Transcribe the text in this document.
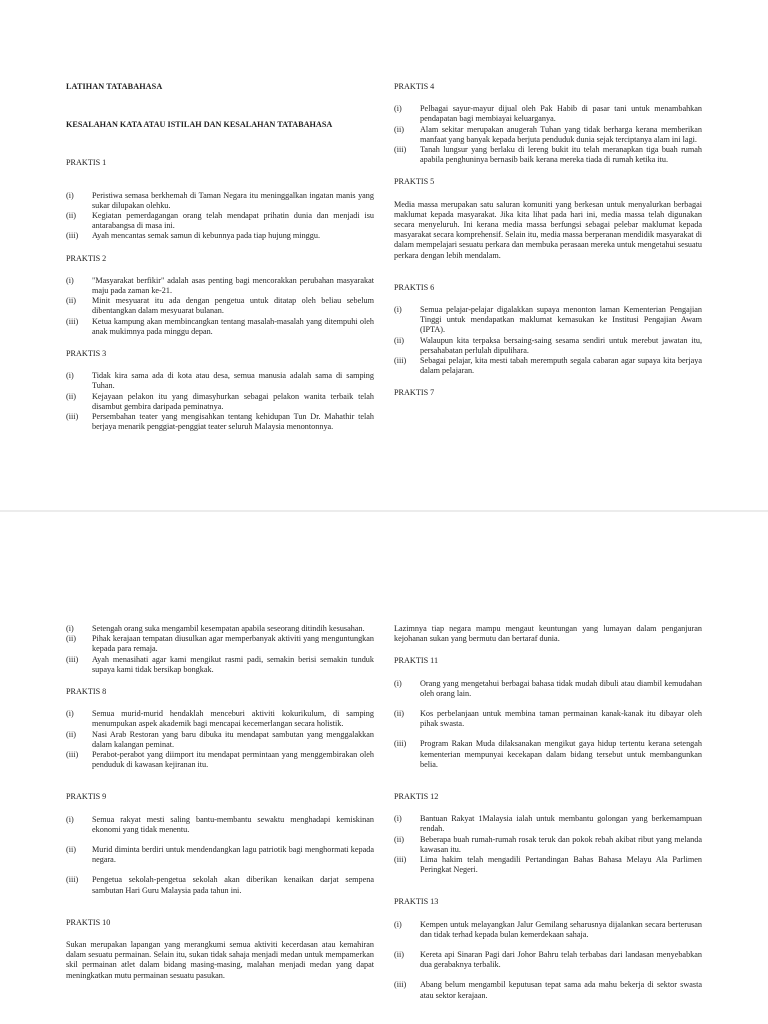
LATIHAN TATABAHASA
KESALAHAN KATA ATAU ISTILAH DAN KESALAHAN TATABAHASA
PRAKTIS 1
(i)	Peristiwa semasa berkhemah di Taman Negara itu meninggalkan ingatan manis yang sukar dilupakan olehku.
(ii)	Kegiatan pemerdagangan orang telah mendapat prihatin dunia dan menjadi isu antarabangsa di masa ini.
(iii)	Ayah mencantas semak samun di kebunnya pada tiap hujung minggu.
PRAKTIS 2
(i)	"Masyarakat berfikir" adalah asas penting bagi mencorakkan perubahan masyarakat maju pada zaman ke-21.
(ii)	Minit mesyuarat itu ada dengan pengetua untuk ditatap oleh beliau sebelum dibentangkan dalam mesyuarat bulanan.
(iii)	Ketua kampung akan membincangkan tentang masalah-masalah yang ditempuhi oleh anak mukimnya pada minggu depan.
PRAKTIS 3
(i)	Tidak kira sama ada di kota atau desa, semua manusia adalah sama di samping Tuhan.
(ii)	Kejayaan pelakon itu yang dimasyhurkan sebagai pelakon wanita terbaik telah disambut gembira daripada peminatnya.
(iii)	Persembahan teater yang mengisahkan tentang kehidupan Tun Dr. Mahathir telah berjaya menarik penggiat-penggiat teater seluruh Malaysia menontonnya.
PRAKTIS 4
(i)	Pelbagai sayur-mayur dijual oleh Pak Habib di pasar tani untuk menambahkan pendapatan bagi membiayai keluarganya.
(ii)	Alam sekitar merupakan anugerah Tuhan yang tidak berharga kerana memberikan manfaat yang banyak kepada berjuta penduduk dunia sejak terciptanya alam ini lagi.
(iii)	Tanah lungsur yang berlaku di lereng bukit itu telah meranapkan tiga buah rumah apabila penghuninya bernasib baik kerana mereka tiada di rumah ketika itu.
PRAKTIS 5
Media massa merupakan satu saluran komuniti yang berkesan untuk menyalurkan berbagai maklumat kepada masyarakat. Jika kita lihat pada hari ini, media massa telah digunakan secara menyeluruh. Ini kerana media massa berfungsi sebagai pelebar maklumat kepada masyarakat secara komprehensif. Selain itu, media massa berperanan mendidik masyarakat di dalam mempelajari sesuatu perkara dan membuka perasaan mereka untuk mengetahui sesuatu perkara dengan lebih mendalam.
PRAKTIS 6
(i)	Semua pelajar-pelajar digalakkan supaya menonton laman Kementerian Pengajian Tinggi untuk mendapatkan maklumat kemasukan ke Institusi Pengajian Awam (IPTA).
(ii)	Walaupun kita terpaksa bersaing-saing sesama sendiri untuk merebut jawatan itu, persahabatan perlulah dipulihara.
(iii)	Sebagai pelajar, kita mesti tabah meremputh segala cabaran agar supaya kita berjaya dalam pelajaran.
PRAKTIS 7
(i)	Setengah orang suka mengambil kesempatan apabila seseorang ditindih kesusahan.
(ii)	Pihak kerajaan tempatan diusulkan agar memperbanyak aktiviti yang menguntungkan kepada para remaja.
(iii)	Ayah menasihati agar kami mengikut rasmi padi, semakin berisi semakin tunduk supaya kami tidak bersikap bongkak.
PRAKTIS 8
(i)	Semua murid-murid hendaklah menceburi aktiviti kokurikulum, di samping menumpukan aspek akademik bagi mencapai kecemerlangan secara holistik.
(ii)	Nasi Arab Restoran yang baru dibuka itu mendapat sambutan yang menggalakkan dalam kalangan peminat.
(iii)	Perabot-perabot yang diimport itu mendapat permintaan yang menggembirakan oleh penduduk di kawasan kejiranan itu.
PRAKTIS 9
(i)	Semua rakyat mesti saling bantu-membantu sewaktu menghadapi kemiskinan ekonomi yang tidak menentu.
(ii)	Murid diminta berdiri untuk mendendangkan lagu patriotik bagi menghormati kepada negara.
(iii)	Pengetua sekolah-pengetua sekolah akan diberikan kenaikan darjat sempena sambutan Hari Guru Malaysia pada tahun ini.
PRAKTIS 10
Sukan merupakan lapangan yang merangkumi semua aktiviti kecerdasan atau kemahiran dalam sesuatu permainan. Selain itu, sukan tidak sahaja menjadi medan untuk mempamerkan skil permainan atlet dalam bidang masing-masing, malahan menjadi medan yang dapat meningkatkan mutu permainan sesuatu pasukan.
Lazimnya tiap negara mampu mengaut keuntungan yang lumayan dalam penganjuran kejohanan sukan yang bermutu dan bertaraf dunia.
PRAKTIS 11
(i)	Orang yang mengetahui berbagai bahasa tidak mudah dibuli atau diambil kemudahan oleh orang lain.
(ii)	Kos perbelanjaan untuk membina taman permainan kanak-kanak itu dibayar oleh pihak swasta.
(iii)	Program Rakan Muda dilaksanakan mengikut gaya hidup tertentu kerana setengah kementerian mempunyai kecekapan dalam bidang tersebut untuk membangunkan belia.
PRAKTIS 12
(i)	Bantuan Rakyat 1Malaysia ialah untuk membantu golongan yang berkemampuan rendah.
(ii)	Beberapa buah rumah-rumah rosak teruk dan pokok rebah akibat ribut yang melanda kawasan itu.
(iii)	Lima hakim telah mengadili Pertandingan Bahas Bahasa Melayu Ala Parlimen Peringkat Negeri.
PRAKTIS 13
(i)	Kempen untuk melayangkan Jalur Gemilang seharusnya dijalankan secara berterusan dan tidak terhad kepada bulan kemerdekaan sahaja.
(ii)	Kereta api Sinaran Pagi dari Johor Bahru telah terbabas dari landasan menyebabkan dua gerabaknya terbalik.
(iii)	Abang belum mengambil keputusan tepat sama ada mahu bekerja di sektor swasta atau sektor kerajaan.
